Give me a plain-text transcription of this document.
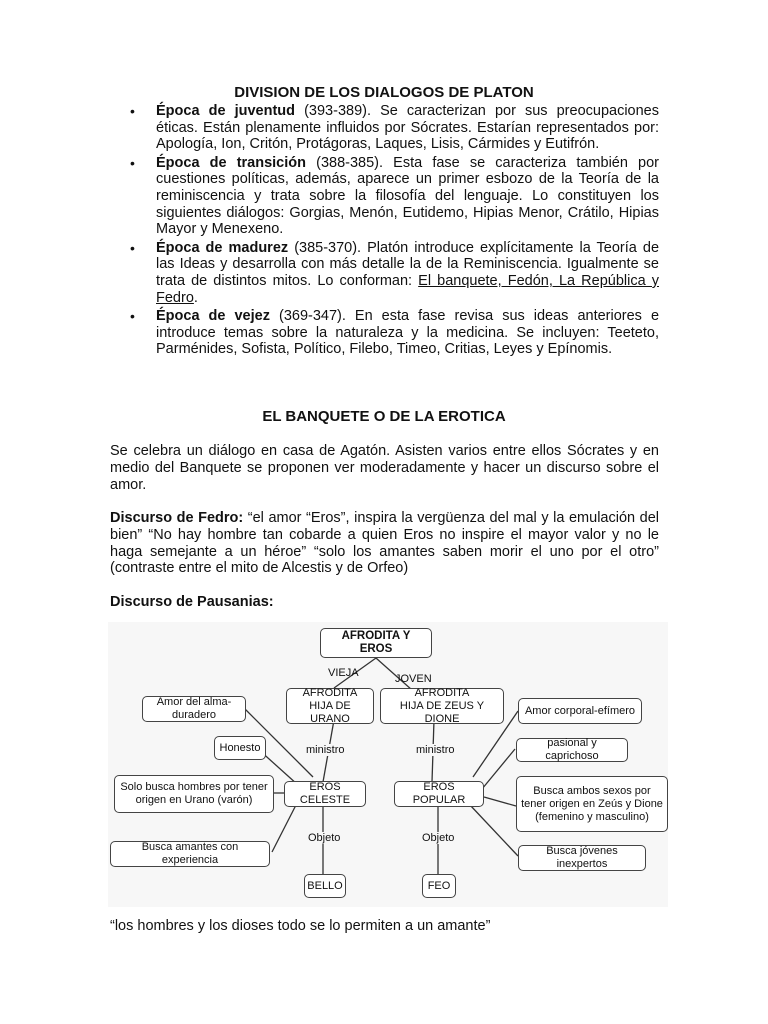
DIVISION DE LOS DIALOGOS DE PLATON
• Época de juventud (393-389). Se caracterizan por sus preocupaciones éticas. Están plenamente influidos por Sócrates. Estarían representados por: Apología, Ion, Critón, Protágoras, Laques, Lisis, Cármides y Eutifrón.
• Época de transición (388-385). Esta fase se caracteriza también por cuestiones políticas, además, aparece un primer esbozo de la Teoría de la reminiscencia y trata sobre la filosofía del lenguaje. Lo constituyen los siguientes diálogos: Gorgias, Menón, Eutidemo, Hipias Menor, Crátilo, Hipias Mayor y Menexeno.
• Época de madurez (385-370). Platón introduce explícitamente la Teoría de las Ideas y desarrolla con más detalle la de la Reminiscencia. Igualmente se trata de distintos mitos. Lo conforman: El banquete, Fedón, La República y Fedro.
• Época de vejez (369-347). En esta fase revisa sus ideas anteriores e introduce temas sobre la naturaleza y la medicina. Se incluyen: Teeteto, Parménides, Sofista, Político, Filebo, Timeo, Critias, Leyes y Epínomis.
EL BANQUETE O DE LA EROTICA

Se celebra un diálogo en casa de Agatón. Asisten varios entre ellos Sócrates y en medio del Banquete se proponen ver moderadamente y hacer un discurso sobre el amor.

Discurso de Fedro: “el amor “Eros”, inspira la vergüenza del mal y la emulación del bien” “No hay hombre tan cobarde a quien Eros no inspire el mayor valor y no le haga semejante a un héroe” “solo los amantes saben morir el uno por el otro” (contraste entre el mito de Alcestis y de Orfeo)

Discurso de Pausanias:

AFRODITA Y EROS
VIEJA	JOVEN
AFRODITA
HIJA DE URANO
AFRODITA
HIJA DE ZEUS Y DIONE
ministro	ministro
EROS CELESTE
EROS POPULAR
Objeto	Objeto
BELLO	FEO
Amor del alma-duradero
Honesto
Solo busca hombres por tener origen en Urano (varón)
Busca amantes con experiencia
Amor corporal-efímero
pasional y caprichoso
Busca ambos sexos por tener origen en Zeús y Dione (femenino y masculino)
Busca jóvenes inexpertos
“los hombres y los dioses todo se lo permiten a un amante”
